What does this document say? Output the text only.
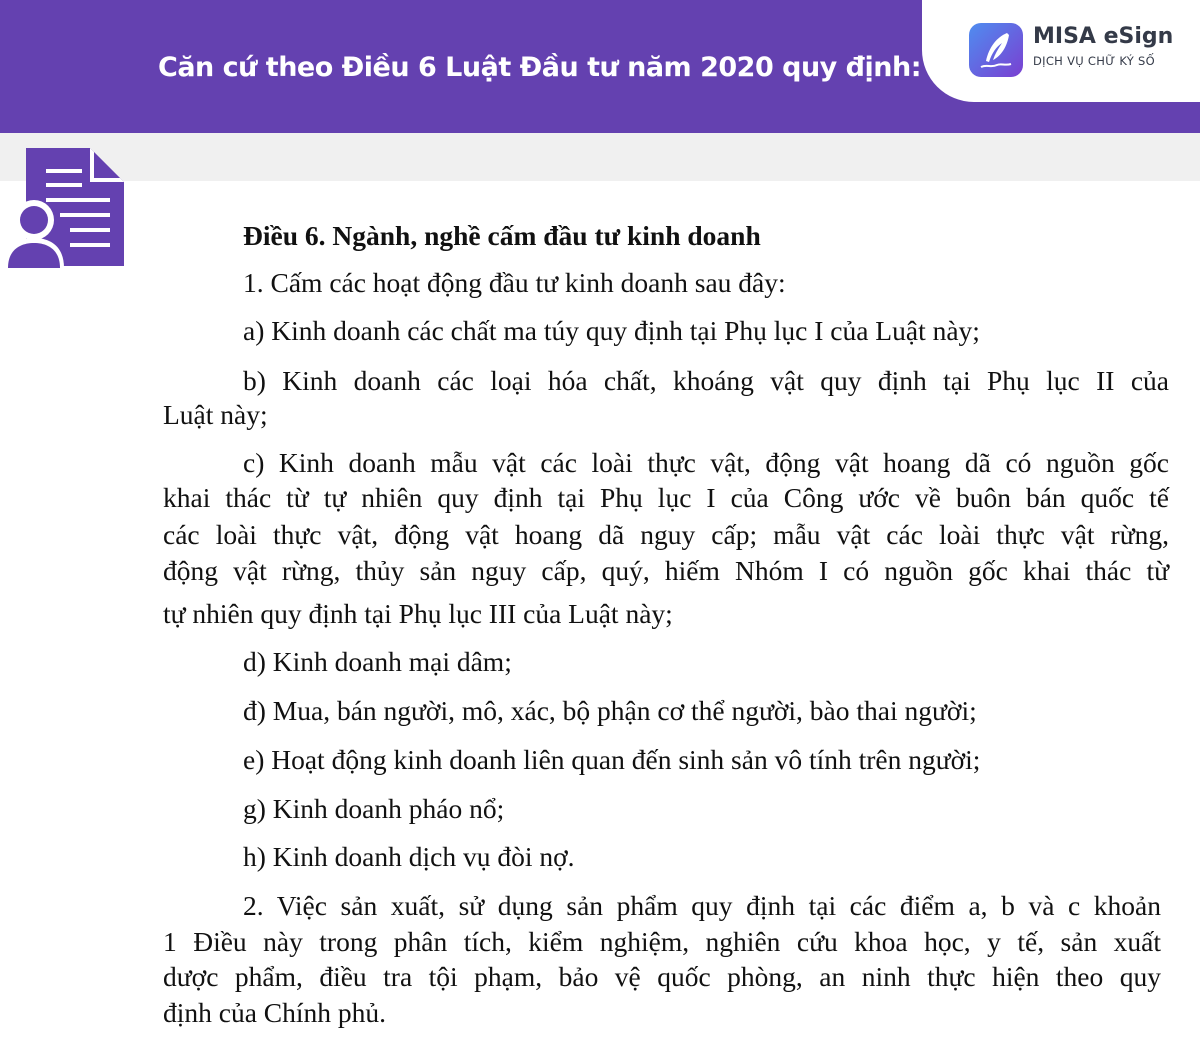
Căn cứ theo Điều 6 Luật Đầu tư năm 2020 quy định:
MISA eSign
DỊCH VỤ CHỮ KÝ SỐ
Điều 6. Ngành, nghề cấm đầu tư kinh doanh
1. Cấm các hoạt động đầu tư kinh doanh sau đây:
a) Kinh doanh các chất ma túy quy định tại Phụ lục I của Luật này;
b) Kinh doanh các loại hóa chất, khoáng vật quy định tại Phụ lục II của
Luật này;
c) Kinh doanh mẫu vật các loài thực vật, động vật hoang dã có nguồn gốc
khai thác từ tự nhiên quy định tại Phụ lục I của Công ước về buôn bán quốc tế
các loài thực vật, động vật hoang dã nguy cấp; mẫu vật các loài thực vật rừng,
động vật rừng, thủy sản nguy cấp, quý, hiếm Nhóm I có nguồn gốc khai thác từ
tự nhiên quy định tại Phụ lục III của Luật này;
d) Kinh doanh mại dâm;
đ) Mua, bán người, mô, xác, bộ phận cơ thể người, bào thai người;
e) Hoạt động kinh doanh liên quan đến sinh sản vô tính trên người;
g) Kinh doanh pháo nổ;
h) Kinh doanh dịch vụ đòi nợ.
2. Việc sản xuất, sử dụng sản phẩm quy định tại các điểm a, b và c khoản
1 Điều này trong phân tích, kiểm nghiệm, nghiên cứu khoa học, y tế, sản xuất
dược phẩm, điều tra tội phạm, bảo vệ quốc phòng, an ninh thực hiện theo quy
định của Chính phủ.
